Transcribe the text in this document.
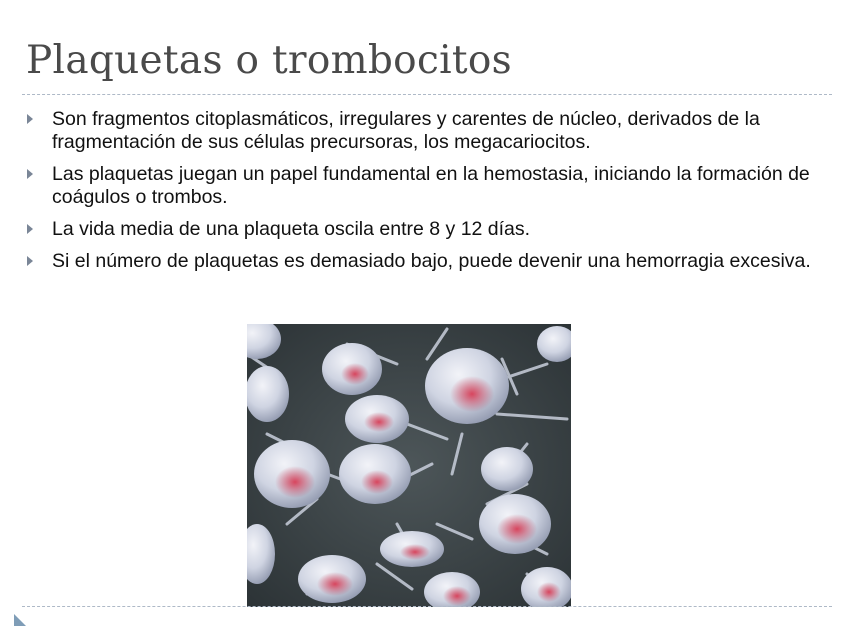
Plaquetas o trombocitos
Son fragmentos citoplasmáticos, irregulares y carentes de núcleo, derivados de la fragmentación de sus células precursoras, los megacariocitos.
Las plaquetas juegan un papel fundamental en la hemostasia, iniciando la formación de coágulos o trombos.
La vida media de una plaqueta oscila entre 8 y 12 días.
Si el número de plaquetas es demasiado bajo, puede devenir una hemorragia excesiva.
